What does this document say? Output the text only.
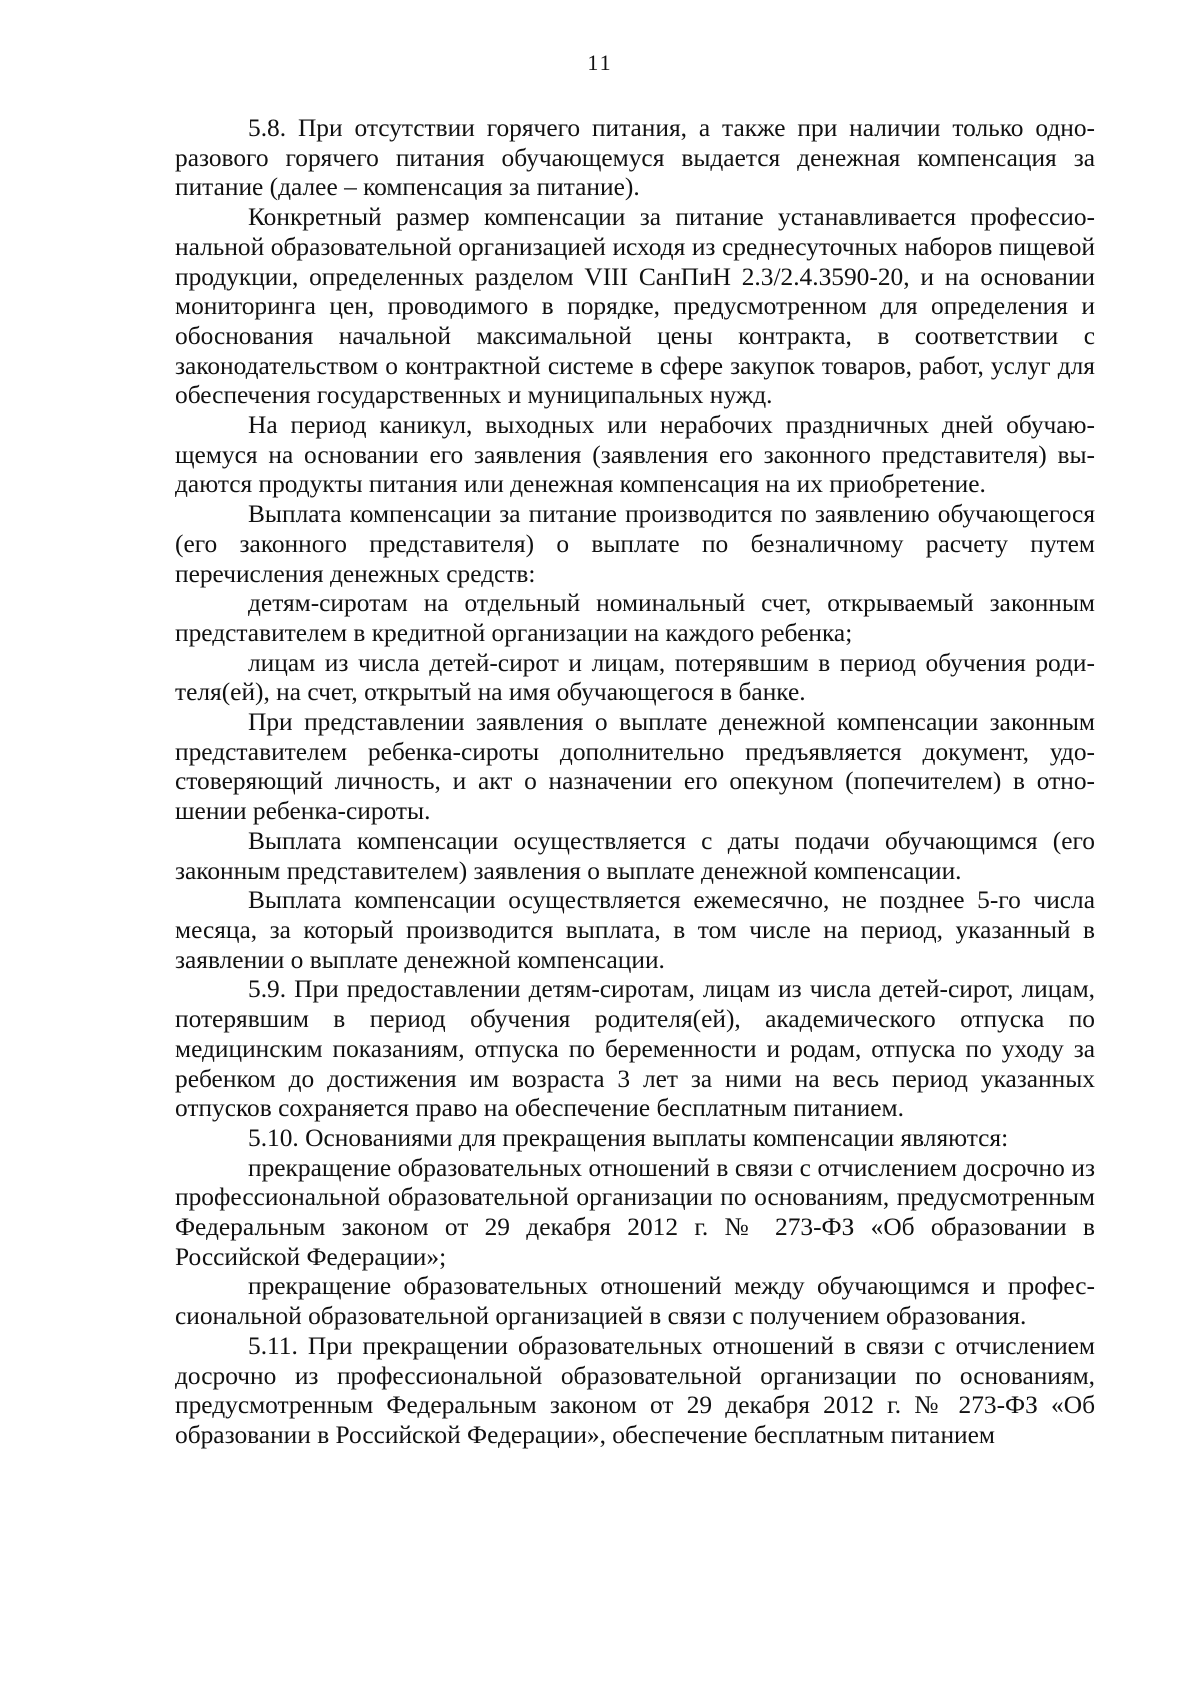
11

5.8. При отсутствии горячего питания, а также при наличии только одноразового горячего питания обучающемуся выдается денежная компенсация за питание (далее – компенсация за питание).

Конкретный размер компенсации за питание устанавливается профессиональной образовательной организацией исходя из среднесуточных наборов пищевой продукции, определенных разделом VIII СанПиН 2.3/2.4.3590-20, и на основании мониторинга цен, проводимого в порядке, предусмотренном для определения и обоснования начальной максимальной цены контракта, в соответствии с законодательством о контрактной системе в сфере закупок товаров, работ, услуг для обеспечения государственных и муниципальных нужд.

На период каникул, выходных или нерабочих праздничных дней обучающемуся на основании его заявления (заявления его законного представителя) выдаются продукты питания или денежная компенсация на их приобретение.

Выплата компенсации за питание производится по заявлению обучающегося (его законного представителя) о выплате по безналичному расчету путем перечисления денежных средств:

детям-сиротам на отдельный номинальный счет, открываемый законным представителем в кредитной организации на каждого ребенка;

лицам из числа детей-сирот и лицам, потерявшим в период обучения родителя(ей), на счет, открытый на имя обучающегося в банке.

При представлении заявления о выплате денежной компенсации законным представителем ребенка-сироты дополнительно предъявляется документ, удостоверяющий личность, и акт о назначении его опекуном (попечителем) в отношении ребенка-сироты.

Выплата компенсации осуществляется с даты подачи обучающимся (его законным представителем) заявления о выплате денежной компенсации.

Выплата компенсации осуществляется ежемесячно, не позднее 5-го числа месяца, за который производится выплата, в том числе на период, указанный в заявлении о выплате денежной компенсации.

5.9. При предоставлении детям-сиротам, лицам из числа детей-сирот, лицам, потерявшим в период обучения родителя(ей), академического отпуска по медицинским показаниям, отпуска по беременности и родам, отпуска по уходу за ребенком до достижения им возраста 3 лет за ними на весь период указанных отпусков сохраняется право на обеспечение бесплатным питанием.

5.10. Основаниями для прекращения выплаты компенсации являются:

прекращение образовательных отношений в связи с отчислением досрочно из профессиональной образовательной организации по основаниям, предусмотренным Федеральным законом от 29 декабря 2012 г. № 273-ФЗ «Об образовании в Российской Федерации»;

прекращение образовательных отношений между обучающимся и профессиональной образовательной организацией в связи с получением образования.

5.11. При прекращении образовательных отношений в связи с отчислением досрочно из профессиональной образовательной организации по основаниям, предусмотренным Федеральным законом от 29 декабря 2012 г. № 273-ФЗ «Об образовании в Российской Федерации», обеспечение бесплатным питанием
